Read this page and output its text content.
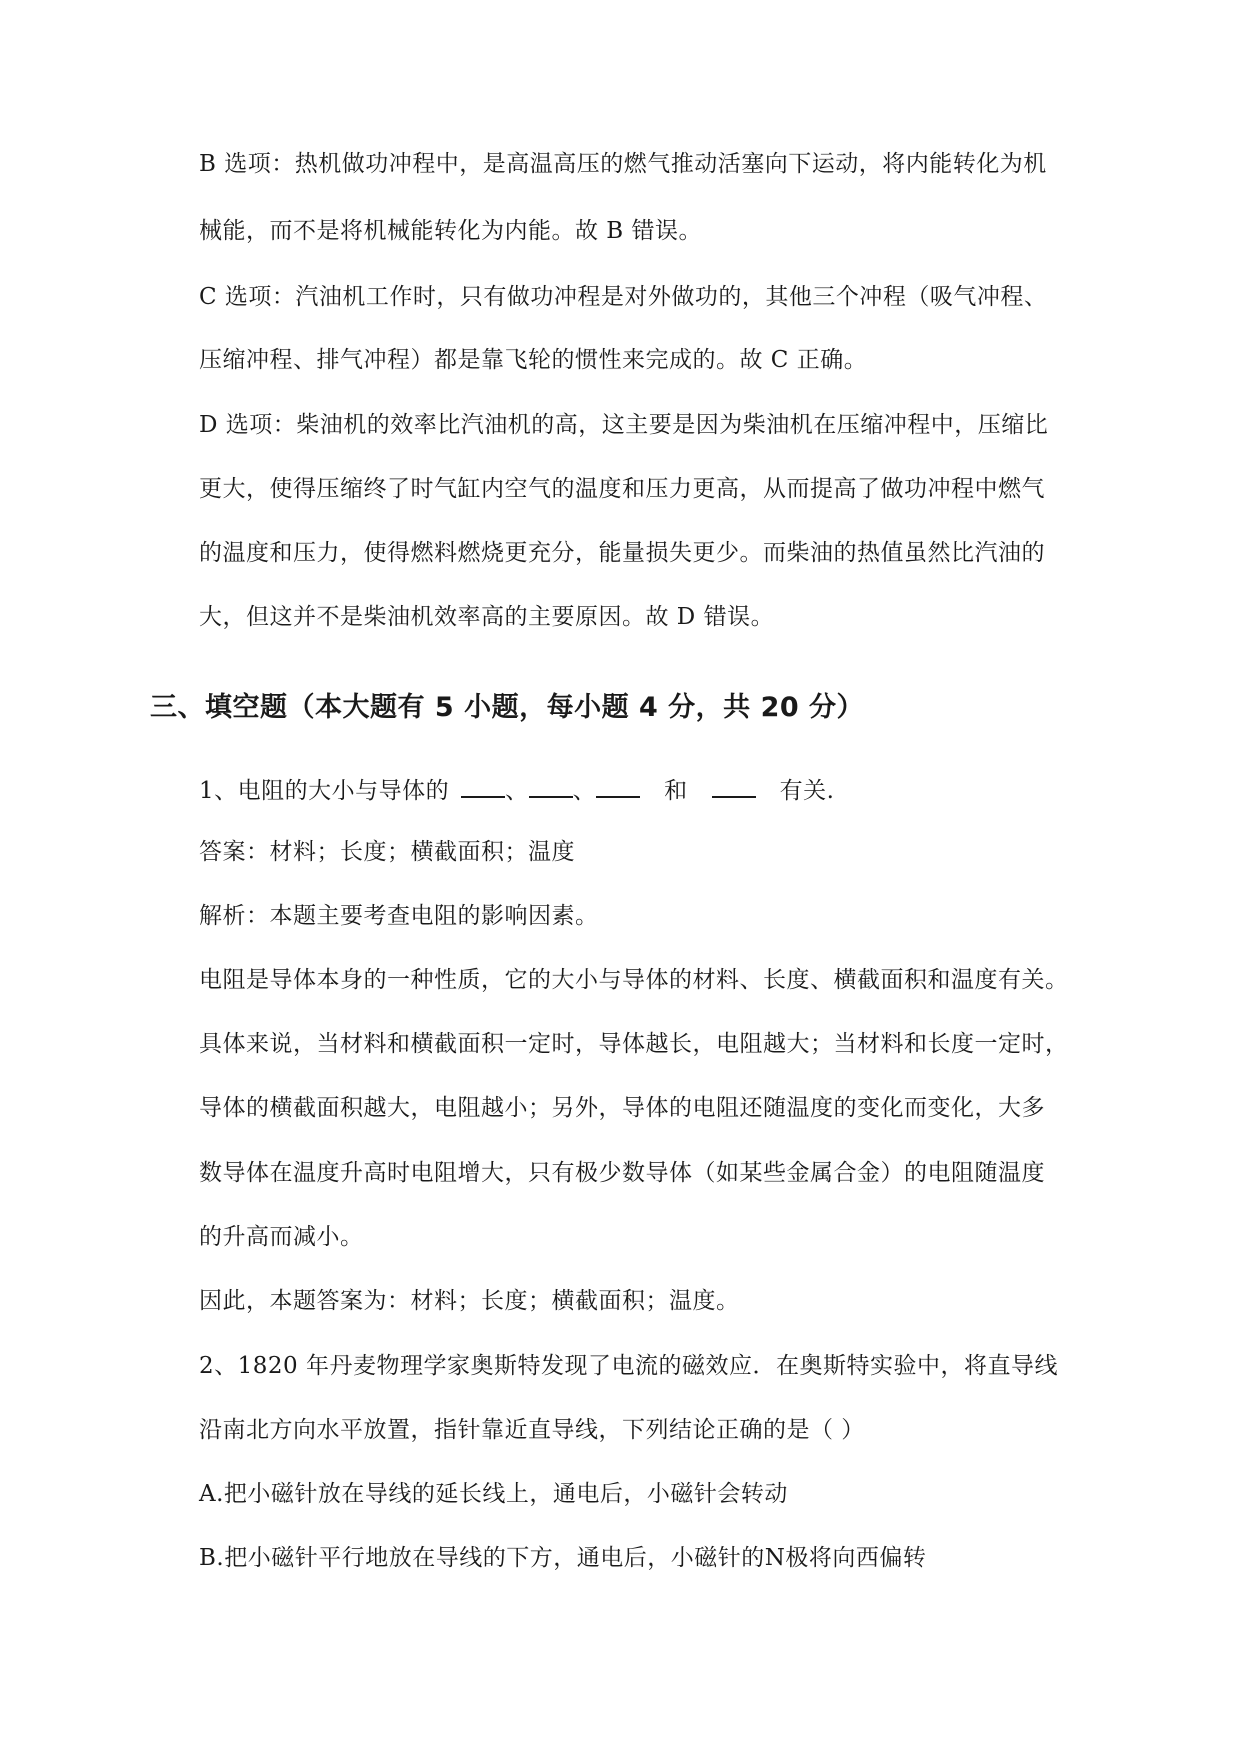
B 选项：热机做功冲程中，是高温高压的燃气推动活塞向下运动，将内能转化为机
械能，而不是将机械能转化为内能。故 B 错误。
C 选项：汽油机工作时，只有做功冲程是对外做功的，其他三个冲程（吸气冲程、
压缩冲程、排气冲程）都是靠飞轮的惯性来完成的。故 C 正确。
D 选项：柴油机的效率比汽油机的高，这主要是因为柴油机在压缩冲程中，压缩比
更大，使得压缩终了时气缸内空气的温度和压力更高，从而提高了做功冲程中燃气
的温度和压力，使得燃料燃烧更充分，能量损失更少。而柴油的热值虽然比汽油的
大，但这并不是柴油机效率高的主要原因。故 D 错误。
三、填空题（本大题有 5 小题，每小题 4 分，共 20 分）
1、电阻的大小与导体的 、 、	和	有关.
答案：材料；长度；横截面积；温度
解析：本题主要考查电阻的影响因素。
电阻是导体本身的一种性质，它的大小与导体的材料、长度、横截面积和温度有关。
具体来说，当材料和横截面积一定时，导体越长，电阻越大；当材料和长度一定时，
导体的横截面积越大，电阻越小；另外，导体的电阻还随温度的变化而变化，大多
数导体在温度升高时电阻增大，只有极少数导体（如某些金属合金）的电阻随温度
的升高而减小。
因此，本题答案为：材料；长度；横截面积；温度。
2、1820 年丹麦物理学家奥斯特发现了电流的磁效应．在奥斯特实验中，将直导线
沿南北方向水平放置，指针靠近直导线，下列结论正确的是（ ）
A.把小磁针放在导线的延长线上，通电后，小磁针会转动
B.把小磁针平行地放在导线的下方，通电后，小磁针的N极将向西偏转
